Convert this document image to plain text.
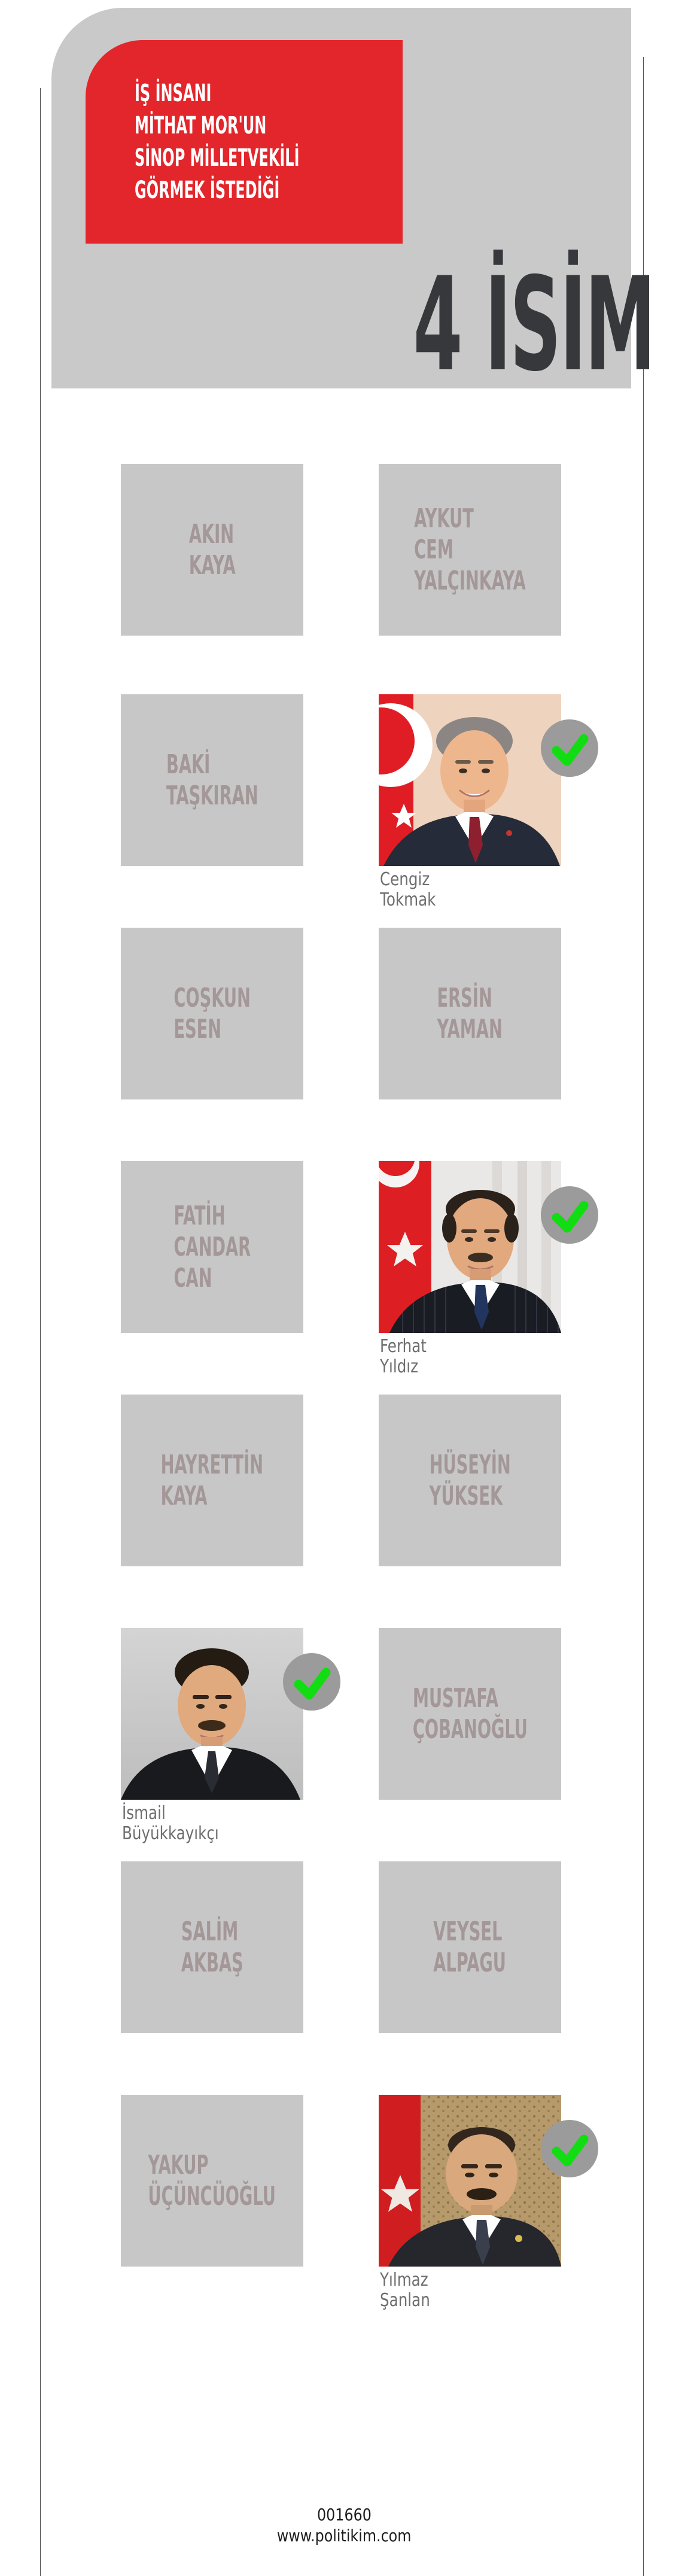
İŞ İNSANI
MİTHAT MOR'UN
SİNOP MİLLETVEKİLİ
GÖRMEK İSTEDİĞİ
4 İSİM
AKIN
KAYA
AYKUT
CEM
YALÇINKAYA
BAKİ
TAŞKIRAN
Cengiz
Tokmak
COŞKUN
ESEN
ERSİN
YAMAN
FATİH
CANDAR
CAN
Ferhat
Yıldız
HAYRETTİN
KAYA
HÜSEYİN
YÜKSEK
İsmail
Büyükkayıkçı
MUSTAFA
ÇOBANOĞLU
SALİM
AKBAŞ
VEYSEL
ALPAGU
YAKUP
ÜÇÜNCÜOĞLU
Yılmaz
Şanlan
001660
www.politikim.com
